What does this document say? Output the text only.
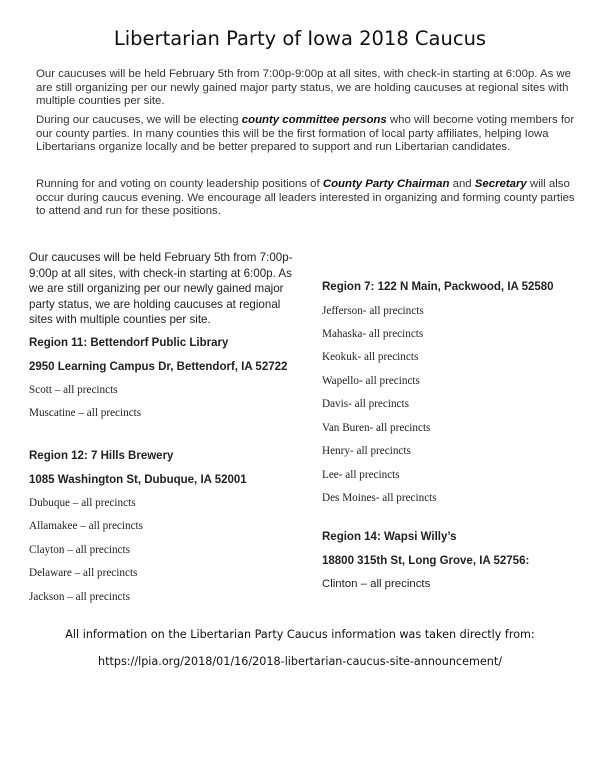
Libertarian Party of Iowa 2018 Caucus
Our caucuses will be held February 5th from 7:00p-9:00p at all sites, with check-in starting at 6:00p. As we are still organizing per our newly gained major party status, we are holding caucuses at regional sites with multiple counties per site.
During our caucuses, we will be electing county committee persons who will become voting members for our county parties. In many counties this will be the first formation of local party affiliates, helping Iowa Libertarians organize locally and be better prepared to support and run Libertarian candidates.
Running for and voting on county leadership positions of County Party Chairman and Secretary will also occur during caucus evening. We encourage all leaders interested in organizing and forming county parties to attend and run for these positions.
Our caucuses will be held February 5th from 7:00p-9:00p at all sites, with check-in starting at 6:00p. As we are still organizing per our newly gained major party status, we are holding caucuses at regional sites with multiple counties per site.
Region 11: Bettendorf Public Library
2950 Learning Campus Dr, Bettendorf, IA 52722
Scott – all precincts
Muscatine – all precincts
Region 12: 7 Hills Brewery
1085 Washington St, Dubuque, IA 52001
Dubuque – all precincts
Allamakee – all precincts
Clayton – all precincts
Delaware – all precincts
Jackson – all precincts
Region 7: 122 N Main, Packwood, IA 52580
Jefferson- all precincts
Mahaska- all precincts
Keokuk- all precincts
Wapello- all precincts
Davis- all precincts
Van Buren- all precincts
Henry- all precincts
Lee- all precincts
Des Moines- all precincts
Region 14: Wapsi Willy’s
18800 315th St, Long Grove, IA 52756:
Clinton – all precincts
All information on the Libertarian Party Caucus information was taken directly from:
https://lpia.org/2018/01/16/2018-libertarian-caucus-site-announcement/
